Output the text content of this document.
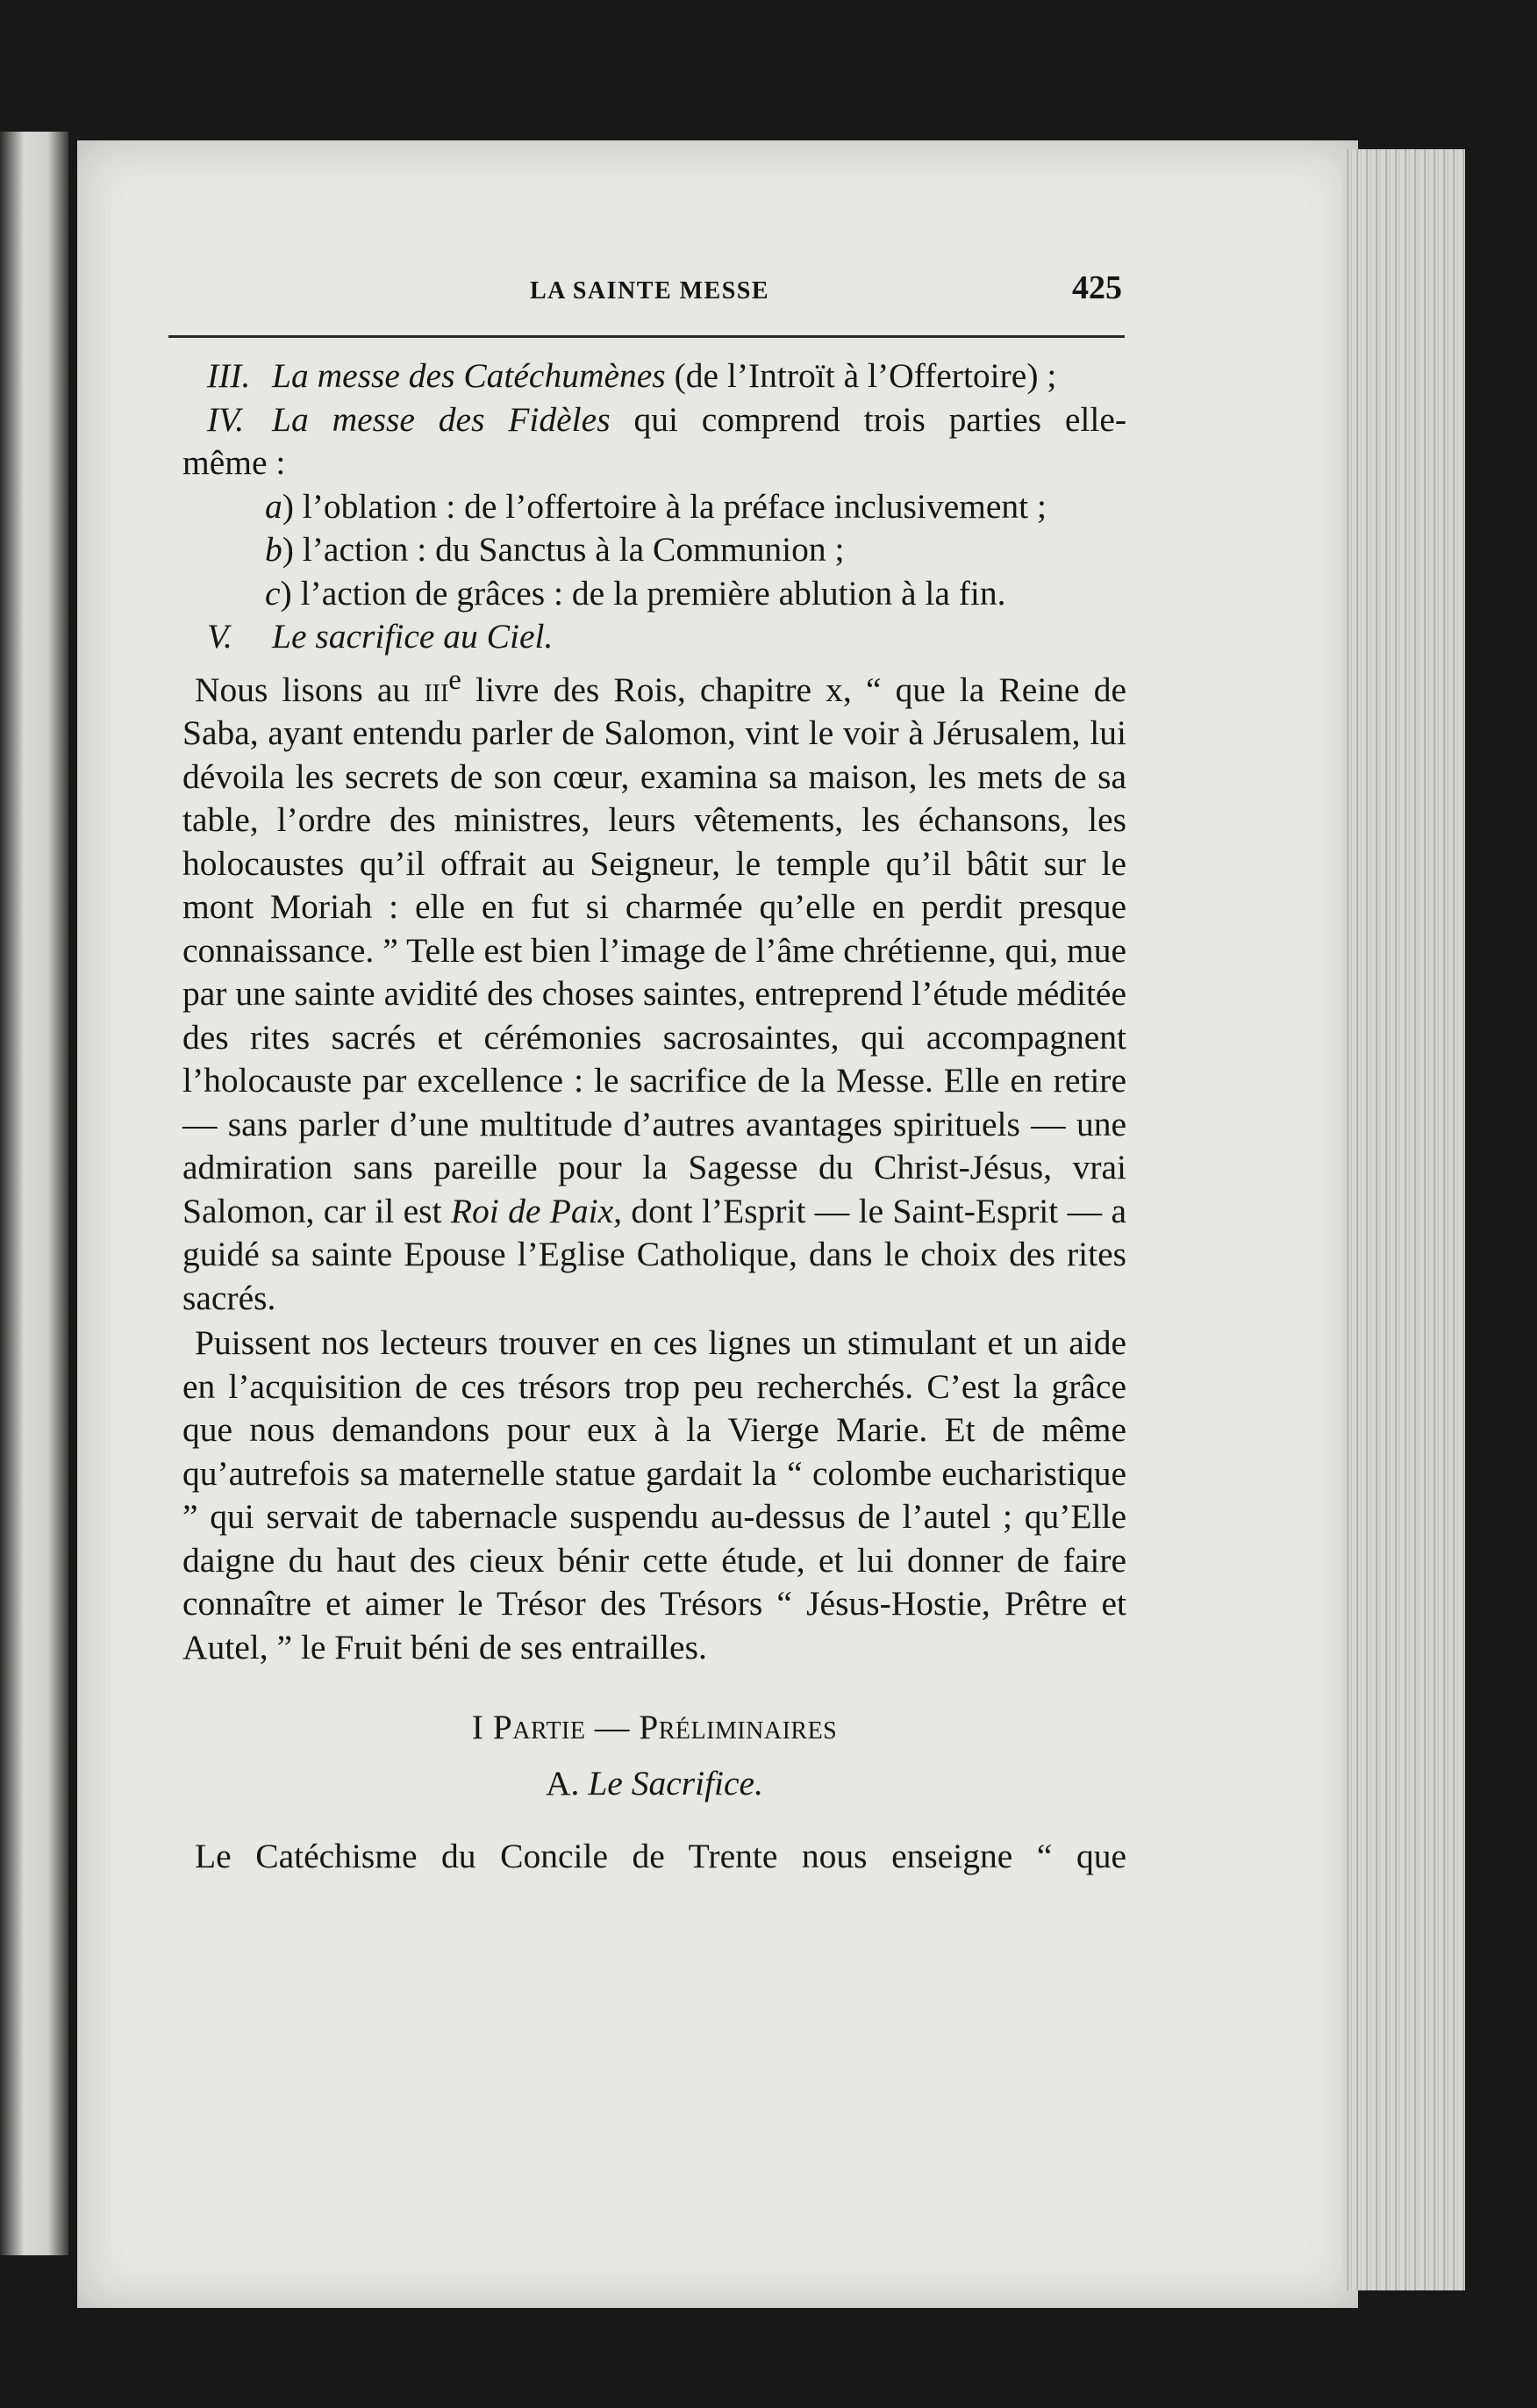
LA SAINTE MESSE	425

III. La messe des Catéchumènes (de l’Introït à l’Offertoire) ;

IV. La messe des Fidèles qui comprend trois parties elle-

même :

a) l’oblation : de l’offertoire à la préface inclusivement ;

b) l’action : du Sanctus à la Communion ;

c) l’action de grâces : de la première ablution à la fin.

V. Le sacrifice au Ciel.

Nous lisons au iii$^e$ livre des Rois, chapitre x, “ que la Reine de Saba, ayant entendu parler de Salomon, vint le voir à Jérusalem, lui dévoila les secrets de son cœur, examina sa maison, les mets de sa table, l’ordre des ministres, leurs vêtements, les échansons, les holocaustes qu’il offrait au Seigneur, le temple qu’il bâtit sur le mont Moriah : elle en fut si charmée qu’elle en perdit presque connaissance. ” Telle est bien l’image de l’âme chrétienne, qui, mue par une sainte avidité des choses saintes, entreprend l’étude méditée des rites sacrés et cérémonies sacrosaintes, qui accompagnent l’holocauste par excellence : le sacrifice de la Messe. Elle en retire — sans parler d’une multitude d’autres avantages spirituels — une admiration sans pareille pour la Sagesse du Christ-Jésus, vrai Salomon, car il est Roi de Paix, dont l’Esprit — le Saint-Esprit — a guidé sa sainte Epouse l’Eglise Catholique, dans le choix des rites sacrés.

Puissent nos lecteurs trouver en ces lignes un stimulant et un aide en l’acquisition de ces trésors trop peu recherchés. C’est la grâce que nous demandons pour eux à la Vierge Marie. Et de même qu’autrefois sa maternelle statue gardait la “ colombe eucharistique ” qui servait de tabernacle suspendu au-dessus de l’autel ; qu’Elle daigne du haut des cieux bénir cette étude, et lui donner de faire connaître et aimer le Trésor des Trésors “ Jésus-Hostie, Prêtre et Autel, ” le Fruit béni de ses entrailles.

I Partie — Préliminaires

A. Le Sacrifice.

Le Catéchisme du Concile de Trente nous enseigne “ que
